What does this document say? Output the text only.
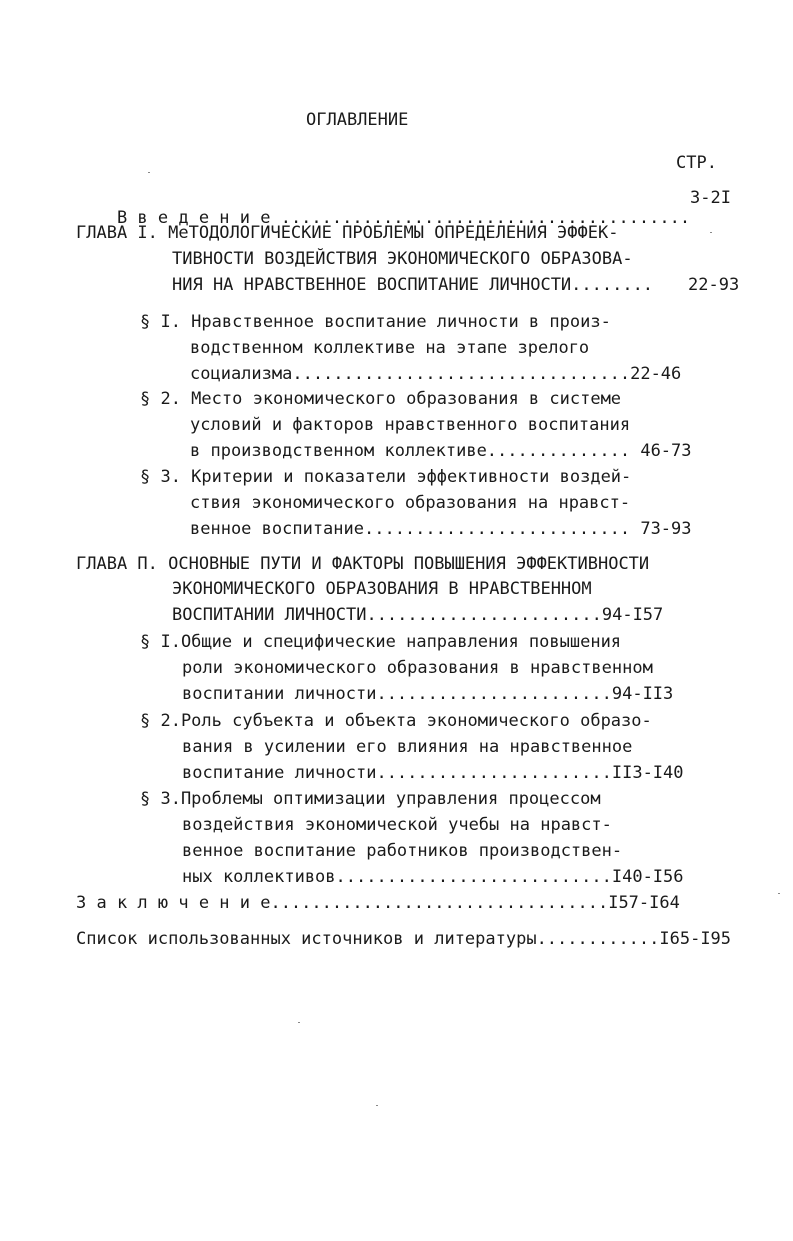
ОГЛАВЛЕНИЕ
СТР.

В в е д е н и е ........................................

3-2I
ГЛАВА I. МеТОДОЛОГИЧЕСКИЕ ПРОБЛЕМЫ ОПРЕДЕЛЕНИЯ ЭФФЕК-
ТИВНОСТИ ВОЗДЕЙСТВИЯ ЭКОНОМИЧЕСКОГО ОБРАЗОВА-
НИЯ НА НРАВСТВЕННОЕ ВОСПИТАНИЕ ЛИЧНОСТИ........ 22-93
§ I. Нравственное воспитание личности в произ-
водственном коллективе на этапе зрелого
социализма.................................22-46
§ 2. Место экономического образования в системе
условий и факторов нравственного воспитания
в производственном коллективе.............. 46-73
§ 3. Критерии и показатели эффективности воздей-
ствия экономического образования на нравст-
венное воспитание.......................... 73-93
ГЛАВА П. ОСНОВНЫЕ ПУТИ И ФАКТОРЫ ПОВЫШЕНИЯ ЭФФЕКТИВНОСТИ
ЭКОНОМИЧЕСКОГО ОБРАЗОВАНИЯ В НРАВСТВЕННОМ
ВОСПИТАНИИ ЛИЧНОСТИ.......................94-I57
§ I.Общие и специфические направления повышения
роли экономического образования в нравственном
воспитании личности.......................94-II3
§ 2.Роль субъекта и объекта экономического образо-
вания в усилении его влияния на нравственное
воспитание личности.......................II3-I40
§ 3.Проблемы оптимизации управления процессом
воздействия экономической учебы на нравст-
венное воспитание работников производствен-
ных коллективов...........................I40-I56
З а к л ю ч е н и е.................................I57-I64
Список использованных источников и литературы............I65-I95
